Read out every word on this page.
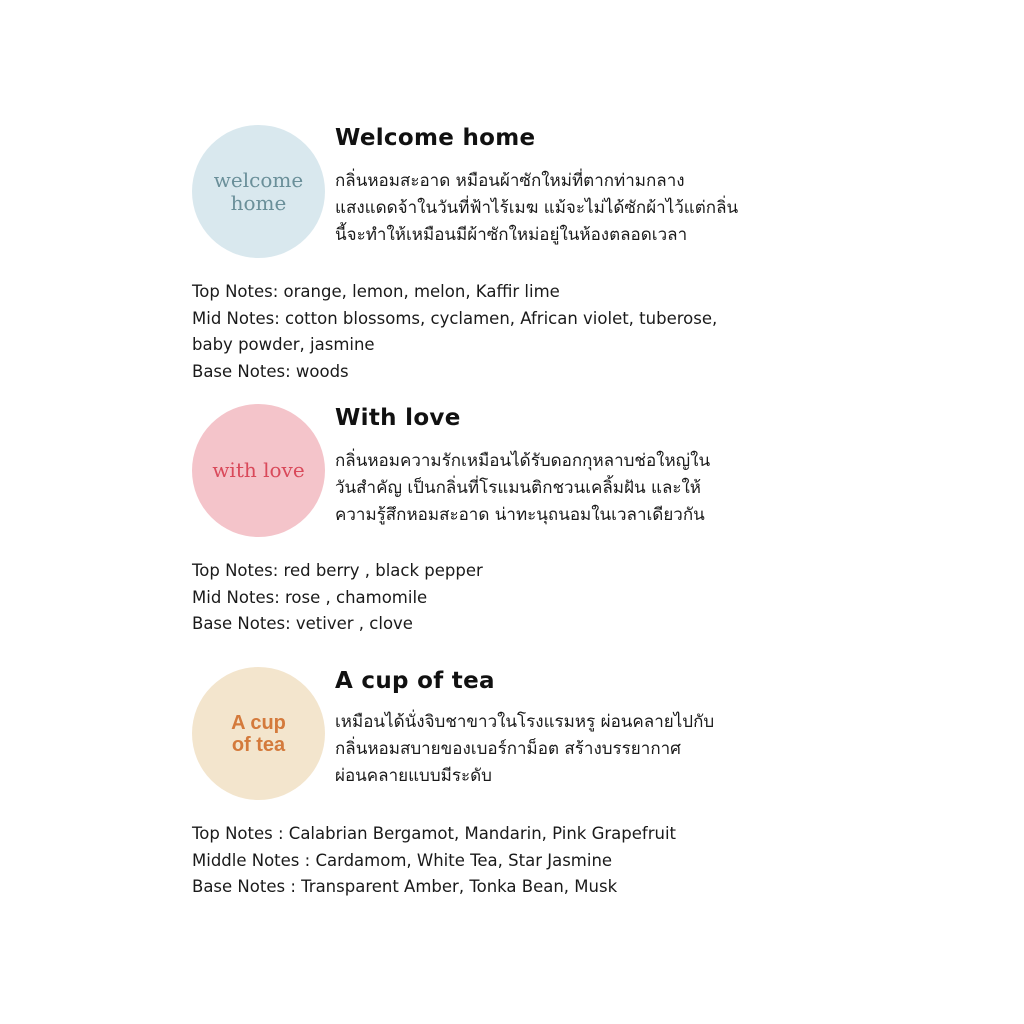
welcome
home
Welcome home

กลิ่นหอมสะอาด หมือนผ้าซักใหม่ที่ตากท่ามกลาง
แสงแดดจ้าในวันที่ฟ้าไร้เมฆ แม้จะไม่ได้ซักผ้าไว้แต่กลิ่น
นี้จะทำให้เหมือนมีผ้าซักใหม่อยู่ในห้องตลอดเวลา

Top Notes: orange, lemon, melon, Kaffir lime
Mid Notes: cotton blossoms, cyclamen, African violet, tuberose,
baby powder, jasmine
Base Notes: woods

with love
With love

กลิ่นหอมความรักเหมือนได้รับดอกกุหลาบช่อใหญ่ใน
วันสำคัญ เป็นกลิ่นที่โรแมนติกชวนเคลิ้มฝัน และให้
ความรู้สึกหอมสะอาด น่าทะนุถนอมในเวลาเดียวกัน

Top Notes: red berry , black pepper
Mid Notes: rose , chamomile
Base Notes: vetiver , clove

A cup
of tea
A cup of tea

เหมือนได้นั่งจิบชาขาวในโรงแรมหรู ผ่อนคลายไปกับ
กลิ่นหอมสบายของเบอร์กาม็อต สร้างบรรยากาศ
ผ่อนคลายแบบมีระดับ

Top Notes : Calabrian Bergamot, Mandarin, Pink Grapefruit
Middle Notes : Cardamom, White Tea, Star Jasmine
Base Notes : Transparent Amber, Tonka Bean, Musk
